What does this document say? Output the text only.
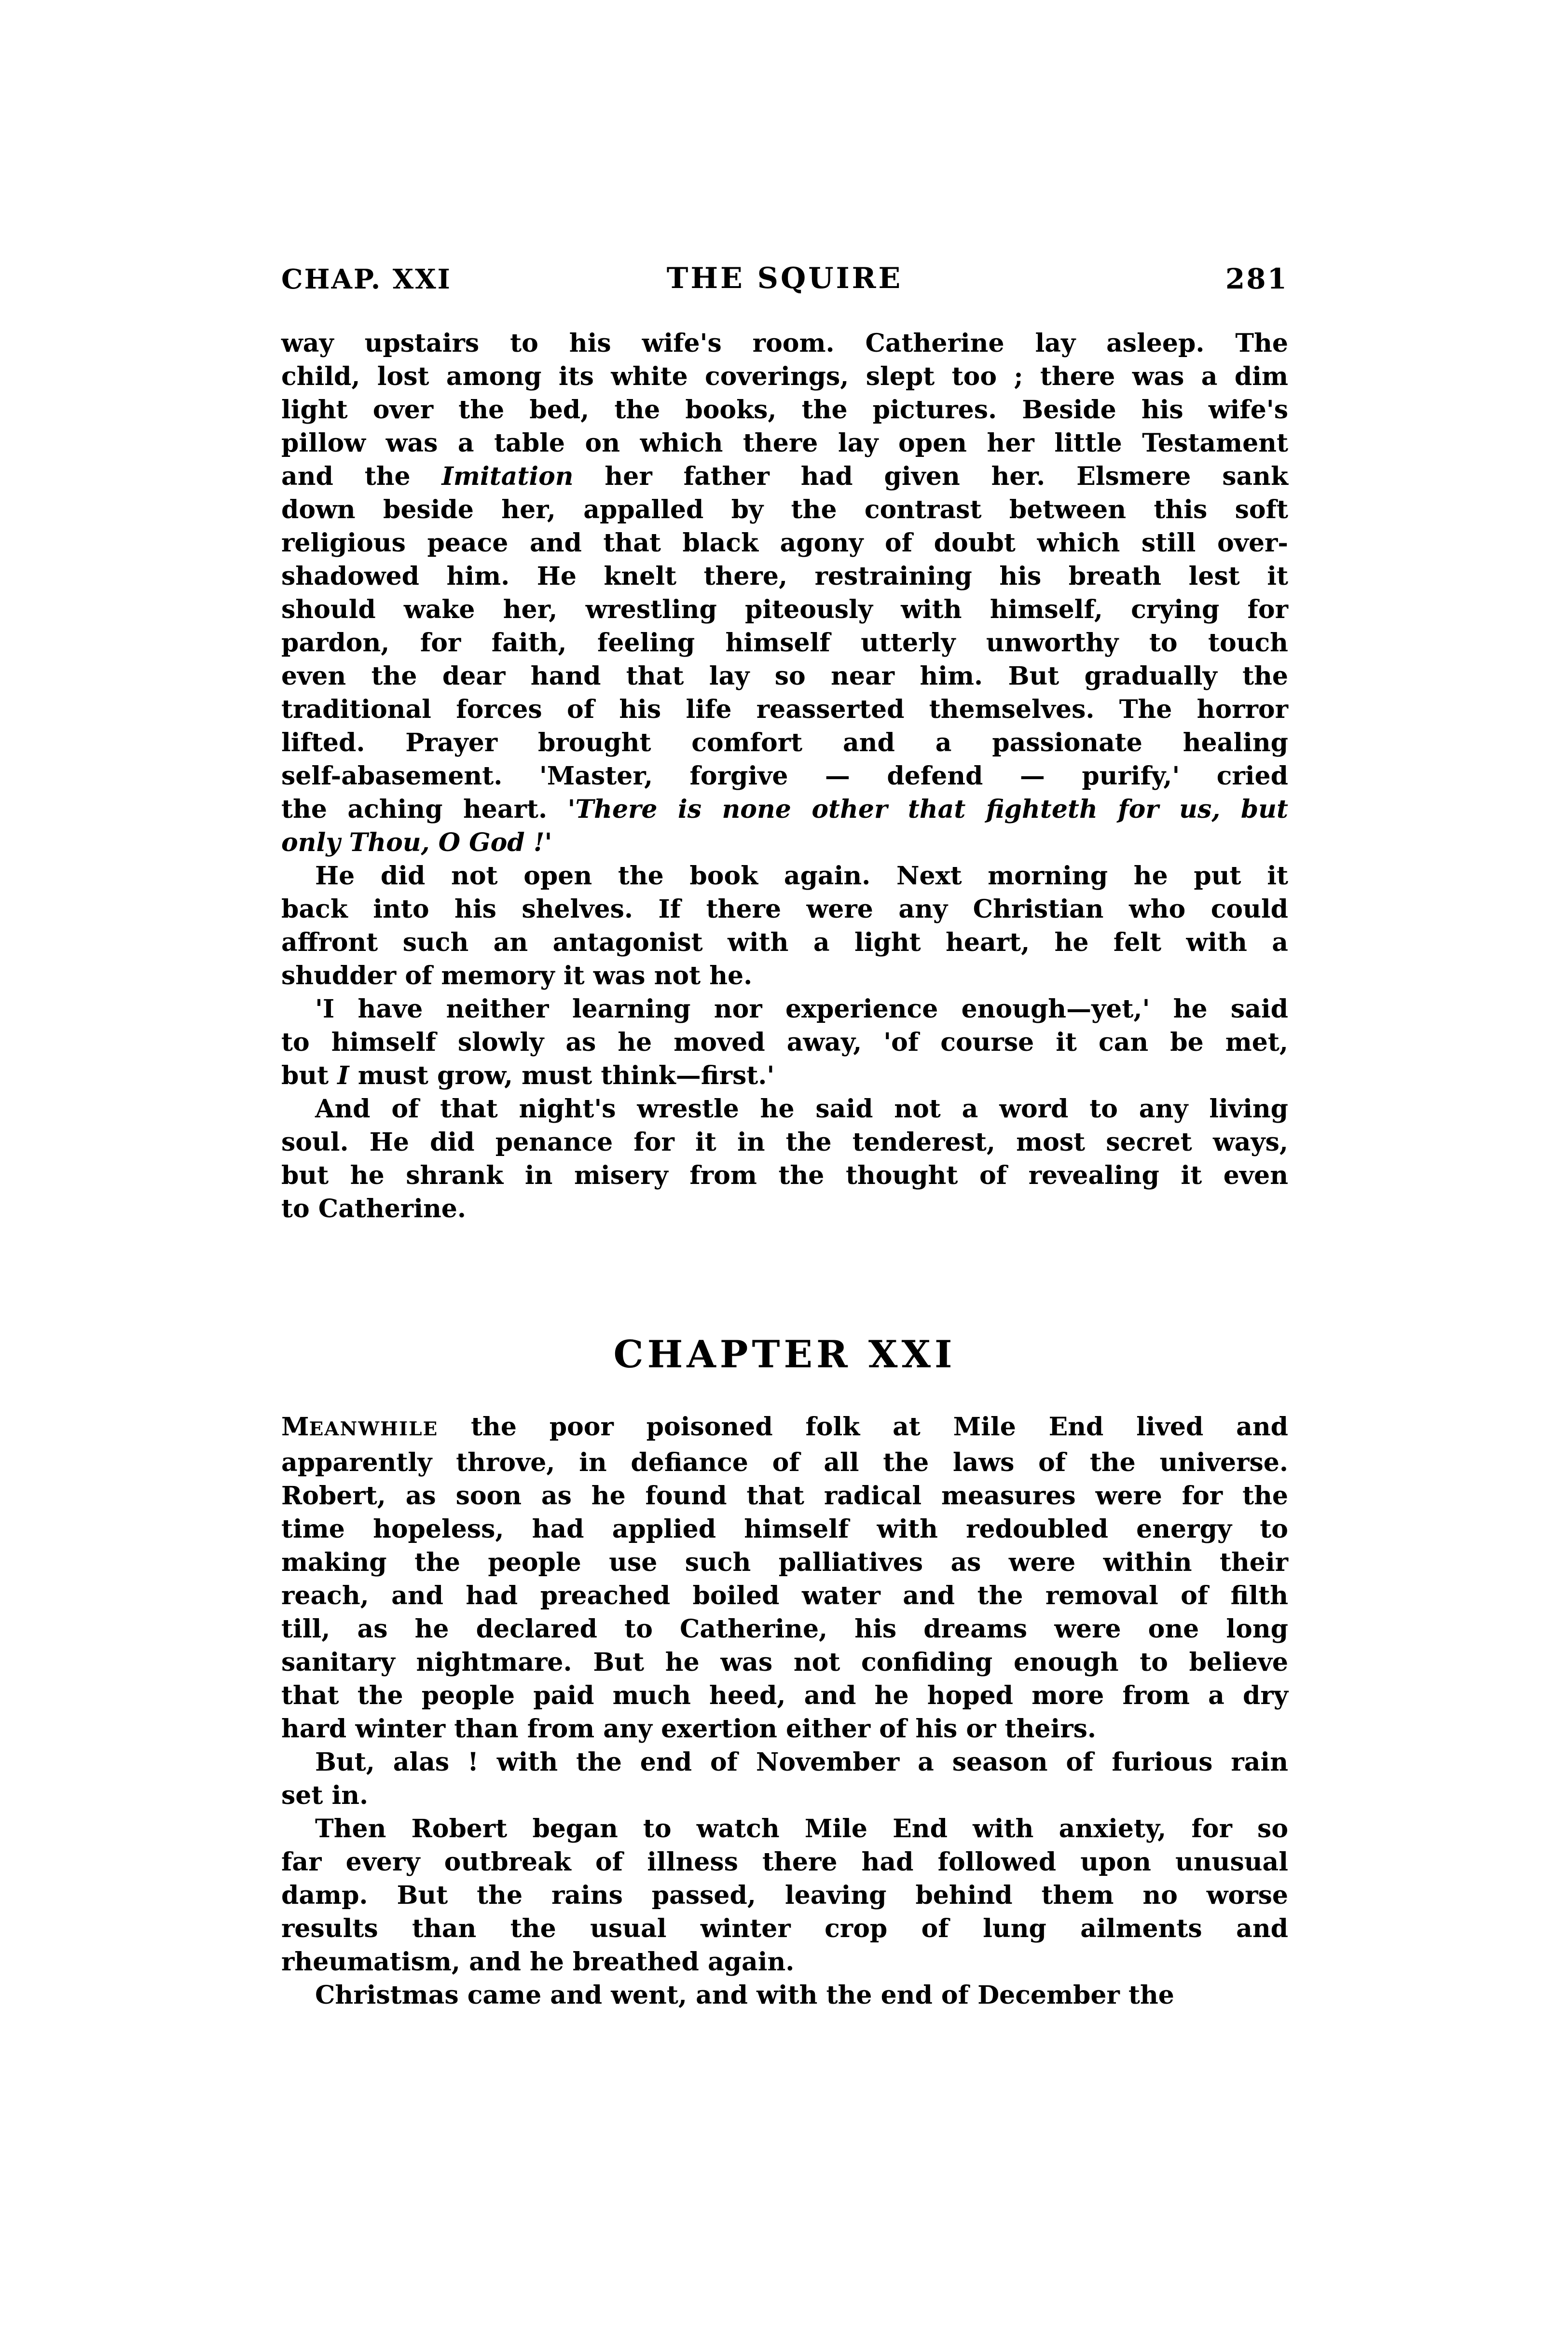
CHAP. XXI	THE SQUIRE	281
way upstairs to his wife's room. Catherine lay asleep. The
child, lost among its white coverings, slept too ; there was a dim
light over the bed, the books, the pictures. Beside his wife's
pillow was a table on which there lay open her little Testament
and the Imitation her father had given her. Elsmere sank
down beside her, appalled by the contrast between this soft
religious peace and that black agony of doubt which still over-
shadowed him. He knelt there, restraining his breath lest it
should wake her, wrestling piteously with himself, crying for
pardon, for faith, feeling himself utterly unworthy to touch
even the dear hand that lay so near him. But gradually the
traditional forces of his life reasserted themselves. The horror
lifted. Prayer brought comfort and a passionate healing
self-abasement. 'Master, forgive — defend — purify,' cried
the aching heart. 'There is none other that fighteth for us, but
only Thou, O God !'
He did not open the book again. Next morning he put it
back into his shelves. If there were any Christian who could
affront such an antagonist with a light heart, he felt with a
shudder of memory it was not he.
'I have neither learning nor experience enough—yet,' he said
to himself slowly as he moved away, 'of course it can be met,
but I must grow, must think—first.'
And of that night's wrestle he said not a word to any living
soul. He did penance for it in the tenderest, most secret ways,
but he shrank in misery from the thought of revealing it even
to Catherine.
CHAPTER XXI
MEANWHILE the poor poisoned folk at Mile End lived and
apparently throve, in defiance of all the laws of the universe.
Robert, as soon as he found that radical measures were for the
time hopeless, had applied himself with redoubled energy to
making the people use such palliatives as were within their
reach, and had preached boiled water and the removal of filth
till, as he declared to Catherine, his dreams were one long
sanitary nightmare. But he was not confiding enough to believe
that the people paid much heed, and he hoped more from a dry
hard winter than from any exertion either of his or theirs.
But, alas ! with the end of November a season of furious rain
set in.
Then Robert began to watch Mile End with anxiety, for so
far every outbreak of illness there had followed upon unusual
damp. But the rains passed, leaving behind them no worse
results than the usual winter crop of lung ailments and
rheumatism, and he breathed again.
Christmas came and went, and with the end of December the
